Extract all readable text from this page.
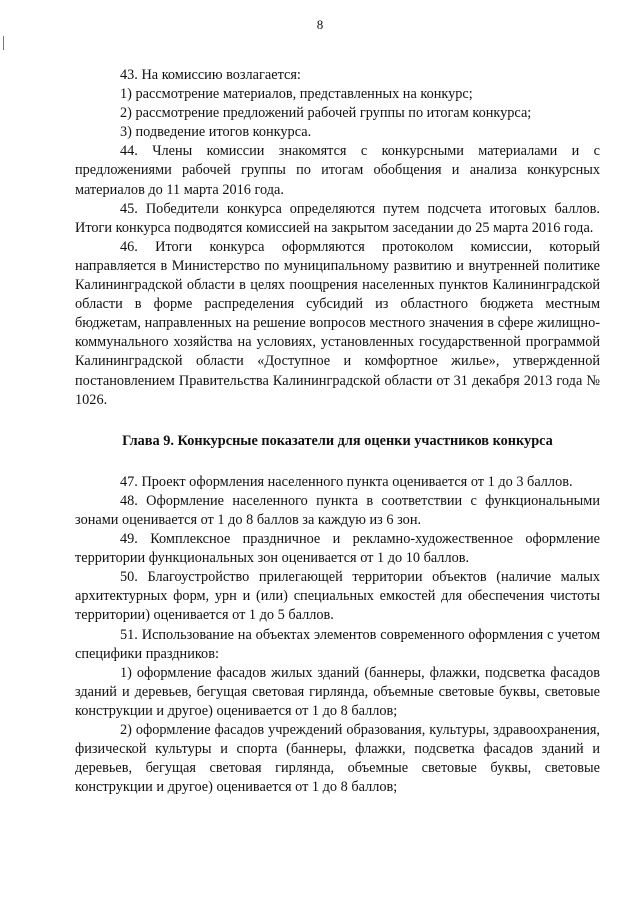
8

43. На комиссию возлагается:

1) рассмотрение материалов, представленных на конкурс;

2) рассмотрение предложений рабочей группы по итогам конкурса;

3) подведение итогов конкурса.

44. Члены комиссии знакомятся с конкурсными материалами и с предложениями рабочей группы по итогам обобщения и анализа конкурсных материалов до 11 марта 2016 года.

45. Победители конкурса определяются путем подсчета итоговых баллов. Итоги конкурса подводятся комиссией на закрытом заседании до 25 марта 2016 года.

46. Итоги конкурса оформляются протоколом комиссии, который направляется в Министерство по муниципальному развитию и внутренней политике Калининградской области в целях поощрения населенных пунктов Калининградской области в форме распределения субсидий из областного бюджета местным бюджетам, направленных на решение вопросов местного значения в сфере жилищно-коммунального хозяйства на условиях, установленных государственной программой Калининградской области «Доступное и комфортное жилье», утвержденной постановлением Правительства Калининградской области от 31 декабря 2013 года № 1026.

Глава 9. Конкурсные показатели для оценки участников конкурса

47. Проект оформления населенного пункта оценивается от 1 до 3 баллов.

48. Оформление населенного пункта в соответствии с функциональными зонами оценивается от 1 до 8 баллов за каждую из 6 зон.

49. Комплексное праздничное и рекламно-художественное оформление территории функциональных зон оценивается от 1 до 10 баллов.

50. Благоустройство прилегающей территории объектов (наличие малых архитектурных форм, урн и (или) специальных емкостей для обеспечения чистоты территории) оценивается от 1 до 5 баллов.

51. Использование на объектах элементов современного оформления с учетом специфики праздников:

1) оформление фасадов жилых зданий (баннеры, флажки, подсветка фасадов зданий и деревьев, бегущая световая гирлянда, объемные световые буквы, световые конструкции и другое) оценивается от 1 до 8 баллов;

2) оформление фасадов учреждений образования, культуры, здравоохранения, физической культуры и спорта (баннеры, флажки, подсветка фасадов зданий и деревьев, бегущая световая гирлянда, объемные световые буквы, световые конструкции и другое) оценивается от 1 до 8 баллов;
